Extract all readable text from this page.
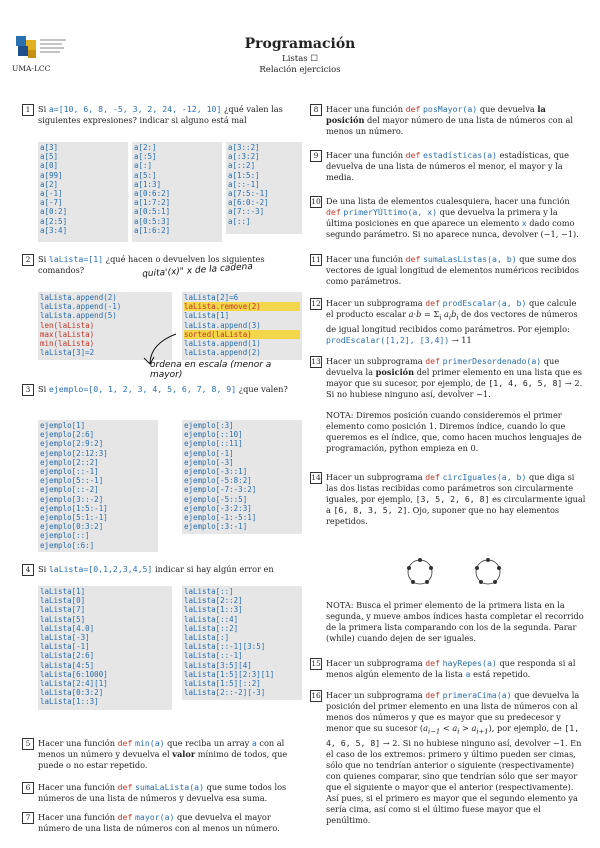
UMA-LCC
Programación
Listas ☐
Relación ejercicios
1 Si a=[10, 6, 8, -5, 3, 2, 24, -12, 10] ¿qué valen las siguientes expresiones? indicar si alguno está mal
a[3]
a[5]
a[0]
a[99]
a[2]
a[-1]
a[-7]
a[0:2]
a[2:5]
a[3:4]
a[2:]
a[:5]
a[:]
a[5:]
a[1:3]
a[0:6:2]
a[1:7:2]
a[0:5:1]
a[0:5:3]
a[1:6:2]
a[3::2]
a[:3:2]
a[::2]
a[1:5:]
a[::-1]
a[7:5:-1]
a[6:0:-2]
a[7::-3]
a[::]
2 Si laLista=[1] ¿qué hacen o devuelven los siguientes comandos?	quita'(x)" x de la cadena
laLista.append(2)
laLista.append(-1)
laLista.append(5)
len(laLista)
max(laLista)
min(laLista)
laLista[3]=2
laLista[2]=6
laLista.remove(2)
laLista[1]
laLista.append(3)
sorted(laLista)
laLista.append(1)
laLista.append(2)
ordena en escala (menor a mayor)
3 Si ejemplo=[0, 1, 2, 3, 4, 5, 6, 7, 8, 9] ¿que valen?
ejemplo[1]
ejemplo[2:6]
ejemplo[2:9:2]
ejemplo[2:12:3]
ejemplo[2::2]
ejemplo[::-1]
ejemplo[5::-1]
ejemplo[::-2]
ejemplo[3::-2]
ejemplo[1:5:-1]
ejemplo[5:1:-1]
ejemplo[0:3:2]
ejemplo[::]
ejemplo[:6:]
ejemplo[:3]
ejemplo[::10]
ejemplo[::11]
ejemplo[-1]
ejemplo[-3]
ejemplo[-3::1]
ejemplo[-5:8:2]
ejemplo[-7:-3:2]
ejemplo[-5::5]
ejemplo[-3:2:3]
ejemplo[-1:-5:1]
ejemplo[:3:-1]
4 Si laLista=[0,1,2,3,4,5] indicar si hay algún error en
laLista[1]
laLista[0]
laLista[7]
laLista[5]
laLista[4.0]
laLista[-3]
laLista[-1]
laLista[2:6]
laLista[4:5]
laLista[6:1000]
laLista[2:4][1]
laLista[0:3:2]
laLista[1::3]
laLista[::]
laLista[2::2]
laLista[1::3]
laLista[::4]
laLista[::2]
laLista[:]
laLista[::-1][3:5]
laLista[::-1]
laLista[3:5][4]
laLista[1:5][2:3][1]
laLista[1:5][::2]
laLista[2::-2][-3]
5 Hacer una función def min(a) que reciba un array a con al menos un número y devuelva el valor mínimo de todos, que puede o no estar repetido.
6 Hacer una función def sumaLaLista(a) que sume todos los números de una lista de números y devuelva esa suma.
7 Hacer una función def mayor(a) que devuelva el mayor número de una lista de números con al menos un número.
8 Hacer una función def posMayor(a) que devuelva la posición del mayor número de una lista de números con al menos un número.
9 Hacer una función def estadísticas(a) estadísticas, que devuelva de una lista de números el menor, el mayor y la media.
10 De una lista de elementos cualesquiera, hacer una función def primerYÚltimo(a, x) que devuelva la primera y la última posiciones en que aparece un elemento x dado como segundo parámetro. Si no aparece nunca, devolver (−1, −1).
11 Hacer una función def sumaLasListas(a, b) que sume dos vectores de igual longitud de elementos numéricos recibidos como parámetros.
12 Hacer un subprograma def prodEscalar(a, b) que calcule el producto escalar $a\cdot b = \Sigma_i$ $a_ib_i$ de dos vectores de números de igual longitud recibidos como parámetros. Por ejemplo: prodEscalar([1,2], [3,4]) → 11
13 Hacer un subprograma def primerDesordenado(a) que devuelva la posición del primer elemento en una lista que es mayor que su sucesor, por ejemplo, de [1, 4, 6, 5, 8] → 2. Si no hubiese ninguno así, devolver −1.
NOTA: Diremos posición cuando consideremos el primer elemento como posición 1. Diremos índice, cuando lo que queremos es el índice, que, como hacen muchos lenguajes de programación, python empieza en 0.
14 Hacer un subprograma def circIguales(a, b) que diga si las dos listas recibidas como parámetros son circularmente iguales, por ejemplo, [3, 5, 2, 6, 8] es circularmente igual a [6, 8, 3, 5, 2]. Ojo, suponer que no hay elementos repetidos.
NOTA: Busca el primer elemento de la primera lista en la segunda, y mueve ambos índices hasta completar el recorrido de la primera lista comparando con los de la segunda. Parar (while) cuando dejen de ser iguales.
15 Hacer un subprograma def hayRepes(a) que responda si al menos algún elemento de la lista a está repetido.
16 Hacer un subprograma def primeraCima(a) que devuelva la posición del primer elemento en una lista de números con al menos dos números y que es mayor que su predecesor y menor que su sucesor $(a_{i-1} < a_i > a_{i+1})$, por ejemplo, de [1, 4, 6, 5, 8] → 2. Si no hubiese ninguno así, devolver −1. En el caso de los extremos: primero y último pueden ser cimas, sólo que no tendrían anterior o siguiente (respectivamente) con quienes comparar, sino que tendrían sólo que ser mayor que el siguiente o mayor que el anterior (respectivamente). Así pues, si el primero es mayor que el segundo elemento ya sería cima, así como si el último fuese mayor que el penúltimo.
